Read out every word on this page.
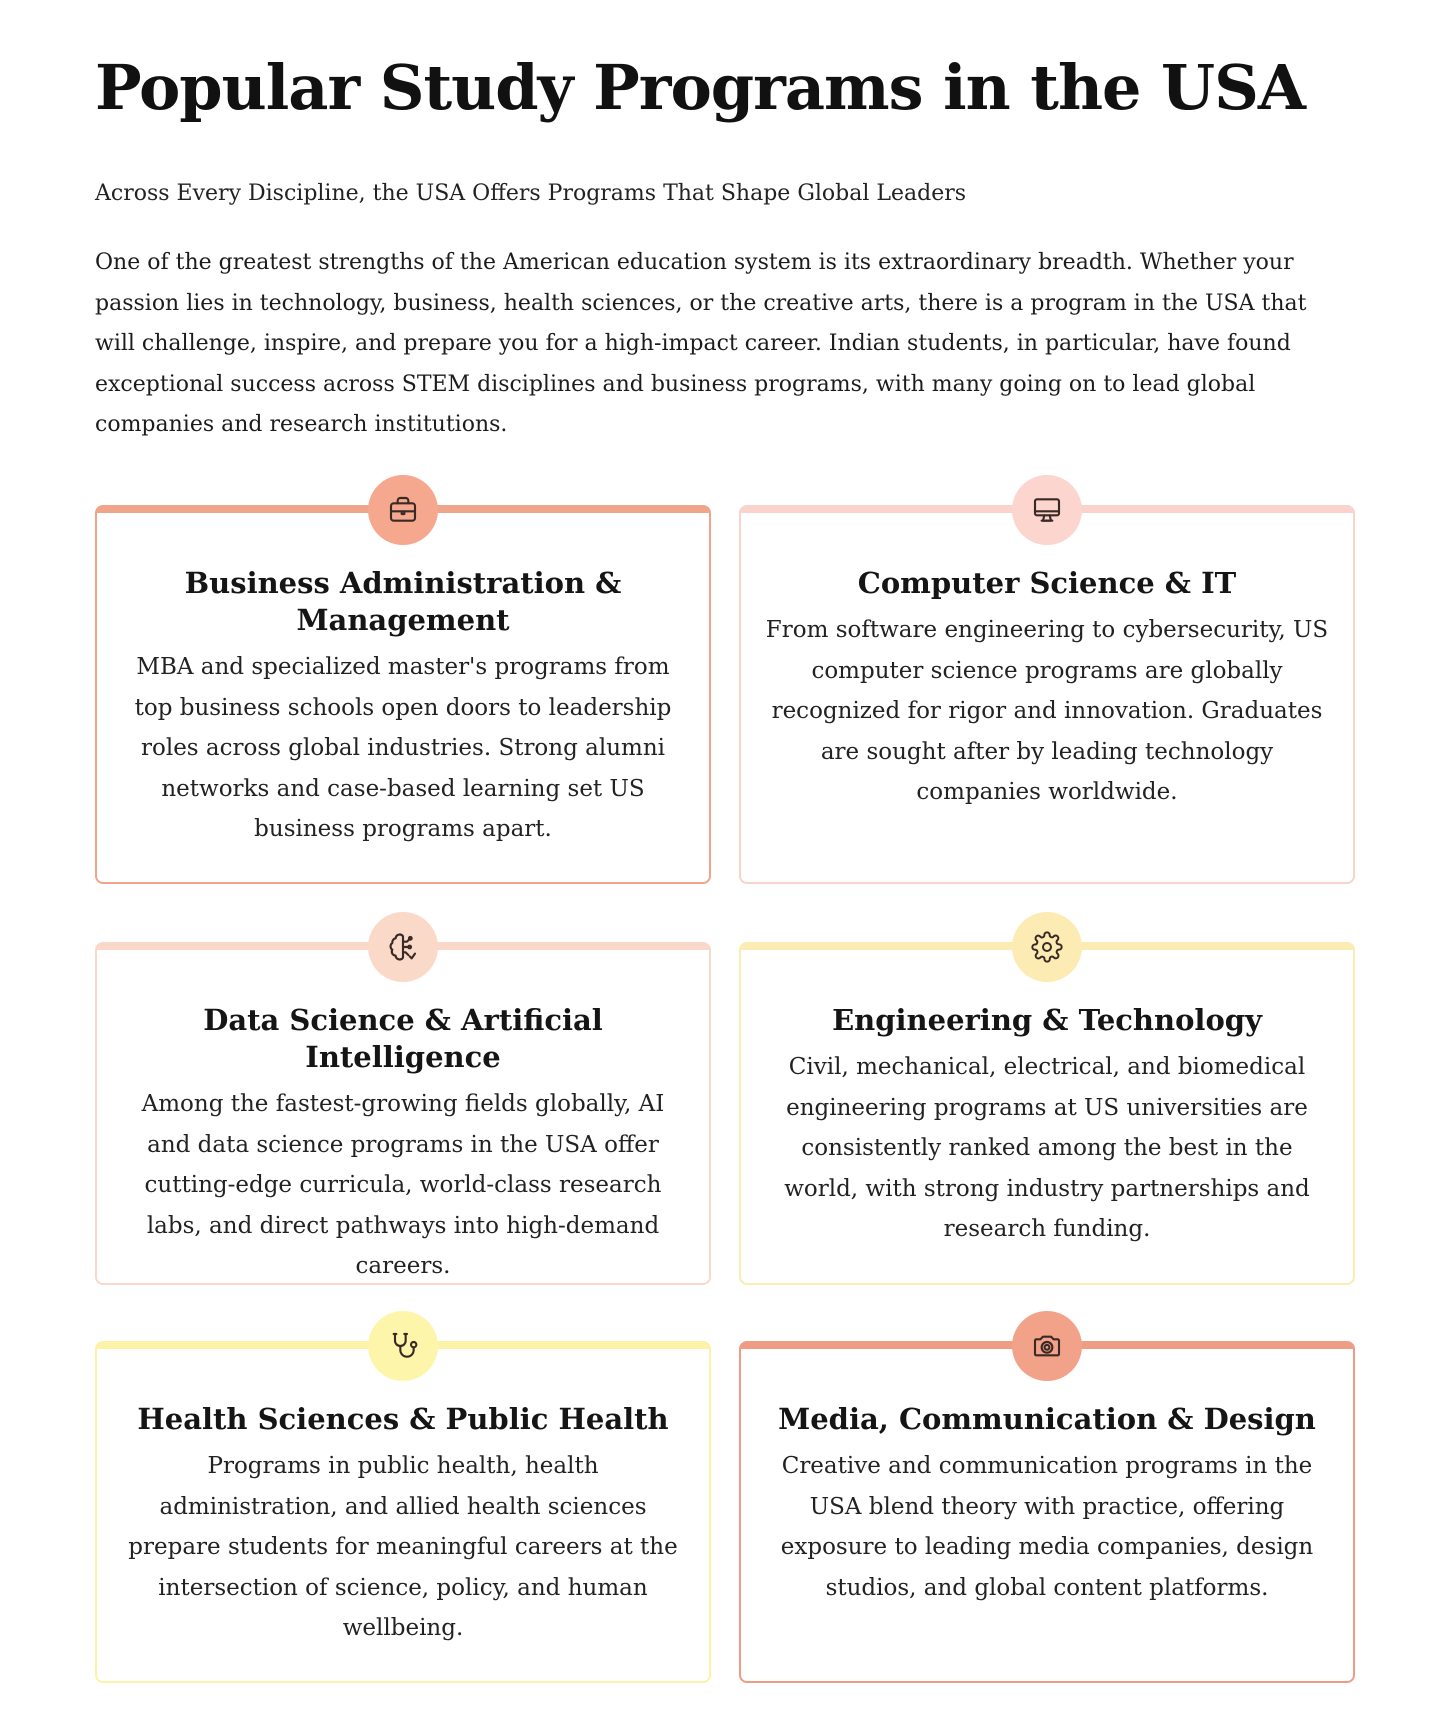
Popular Study Programs in the USA

Across Every Discipline, the USA Offers Programs That Shape Global Leaders

One of the greatest strengths of the American education system is its extraordinary breadth. Whether your passion lies in technology, business, health sciences, or the creative arts, there is a program in the USA that will challenge, inspire, and prepare you for a high-impact career. Indian students, in particular, have found exceptional success across STEM disciplines and business programs, with many going on to lead global companies and research institutions.

Business Administration & Management

MBA and specialized master's programs from top business schools open doors to leadership roles across global industries. Strong alumni networks and case-based learning set US business programs apart.

Computer Science & IT

From software engineering to cybersecurity, US computer science programs are globally recognized for rigor and innovation. Graduates are sought after by leading technology companies worldwide.

Data Science & Artificial Intelligence

Among the fastest-growing fields globally, AI and data science programs in the USA offer cutting-edge curricula, world-class research labs, and direct pathways into high-demand careers.

Engineering & Technology

Civil, mechanical, electrical, and biomedical engineering programs at US universities are consistently ranked among the best in the world, with strong industry partnerships and research funding.

Health Sciences & Public Health

Programs in public health, health administration, and allied health sciences prepare students for meaningful careers at the intersection of science, policy, and human wellbeing.

Media, Communication & Design

Creative and communication programs in the USA blend theory with practice, offering exposure to leading media companies, design studios, and global content platforms.
